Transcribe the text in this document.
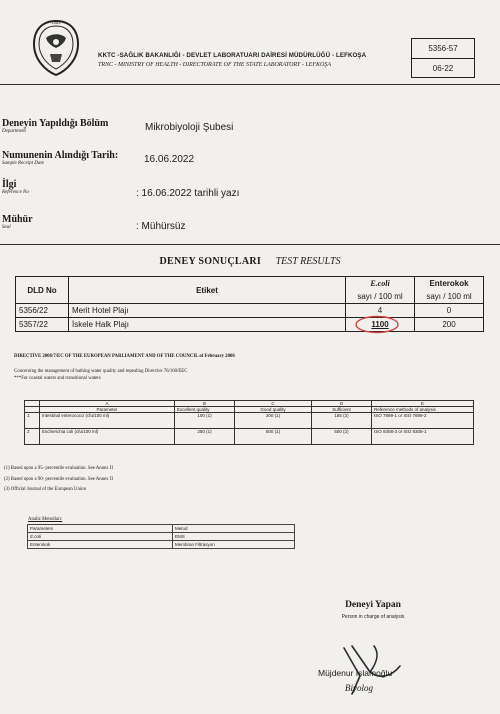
1983
KKTC -SAĞLIK BAKANLIĞI - DEVLET LABORATUARI DAİRESİ MÜDÜRLÜĞÜ - LEFKOŞA
TRNC - MINISTRY OF HEALTH - DIRECTORATE OF THE STATE LABORATORY - LEFKOŞA
5356-57
06-22
Deneyin Yapıldığı Bölüm
Department	Mikrobiyoloji Şubesi
Numunenin Alındığı Tarih:
Sample Receipt Date	16.06.2022
İlgi
Reference No	: 16.06.2022 tarihli yazı
Mühür
Seal	: Mühürsüz
DENEY SONUÇLARI TEST RESULTS
DLD No	Etiket	E.coli	Enterokok
		sayı / 100 ml	sayı / 100 ml
5356/22	Merit Hotel Plajı	4	0
5357/22	İskele Halk Plajı	1100	200
DIRECTIVE 2006/7/EC OF THE EUROPEAN PARLIAMENT AND OF THE COUNCIL of February 2006
Concerning the management of bathing water quality and repealing Directive 76/160/EEC
***For coastal waters and transitional waters
	A	B	C	D	E
	Parameter	Excellent quality	Good quality	Sufficient	Reference methods of analysis
1	Intestinal enterococci (cfu/100 ml)	100 (1)	200 (1)	185 (2)	ISO 7899-1 or ISO 7899-2
2	Escherichia coli (cfu/100 ml)	250 (1)	500 (1)	500 (2)	ISO 9308-3 or ISO 9308-1
(1) Based upon a 95- percentile evaluation. See Annex II
(2) Based upon a 90- percentile evaluation. See Annex II
(3) Official Journal of the European Union
Analiz Metodları:
Parameters	Metod
E.coli	EMS
Enterokok	Membran Filtrasyon
Deneyi Yapan
Person in charge of analysis
Müjdenur İslamoğlu
Biyolog
